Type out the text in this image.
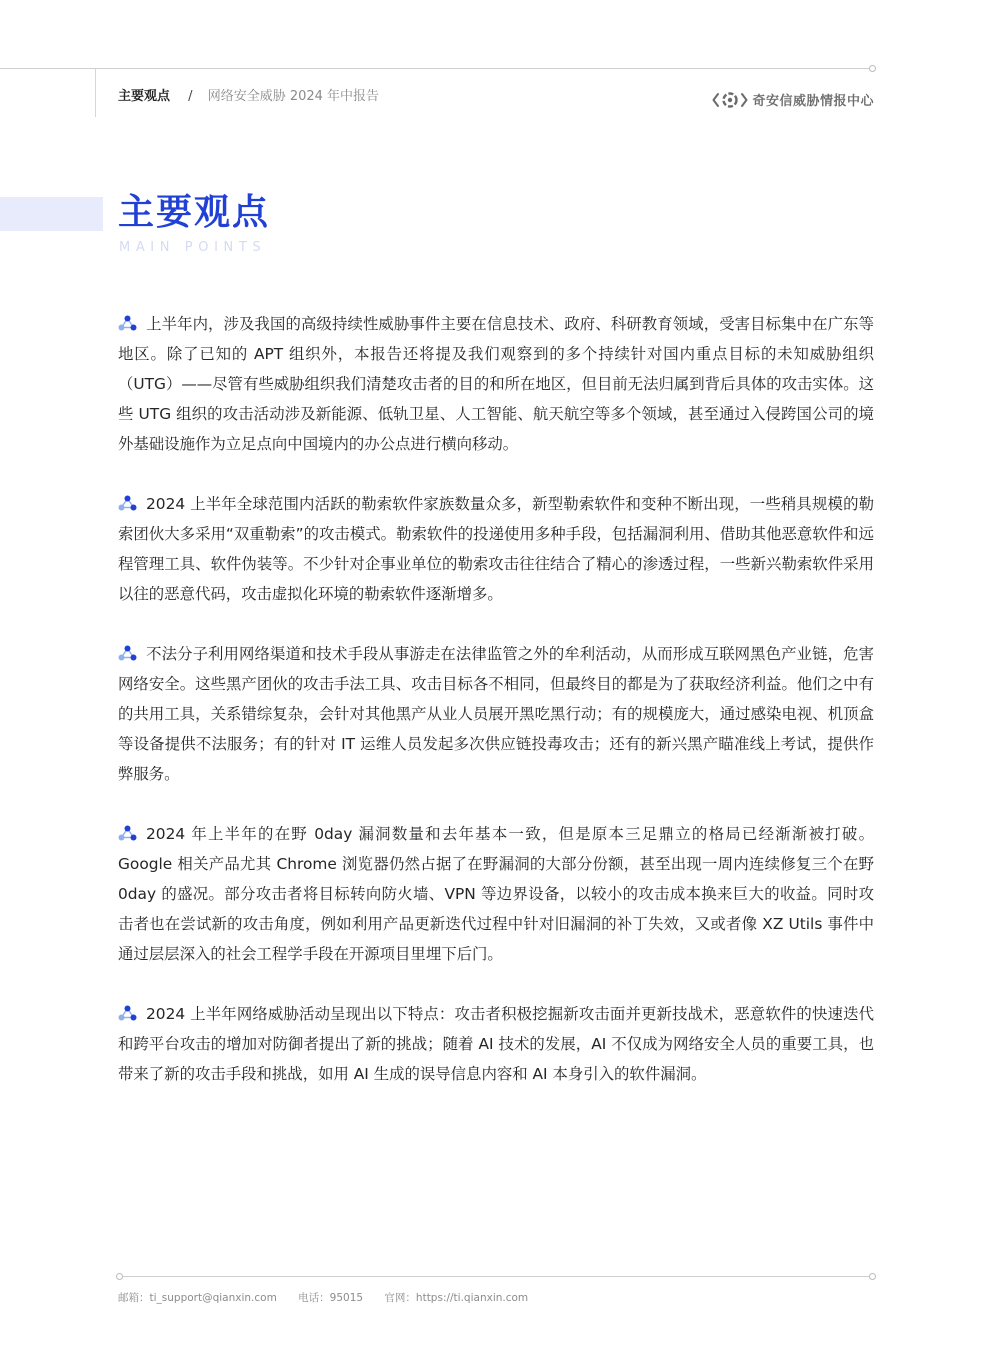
主要观点 / 网络安全威胁 2024 年中报告	奇安信威胁情报中心
主要观点
MAIN POINTS

上半年内，涉及我国的高级持续性威胁事件主要在信息技术、政府、科研教育领域，受害目标集中在广东等地区。除了已知的 APT 组织外，本报告还将提及我们观察到的多个持续针对国内重点目标的未知威胁组织（UTG）——尽管有些威胁组织我们清楚攻击者的目的和所在地区，但目前无法归属到背后具体的攻击实体。这些 UTG 组织的攻击活动涉及新能源、低轨卫星、人工智能、航天航空等多个领域，甚至通过入侵跨国公司的境外基础设施作为立足点向中国境内的办公点进行横向移动。

2024 上半年全球范围内活跃的勒索软件家族数量众多，新型勒索软件和变种不断出现，一些稍具规模的勒索团伙大多采用“双重勒索”的攻击模式。勒索软件的投递使用多种手段，包括漏洞利用、借助其他恶意软件和远程管理工具、软件伪装等。不少针对企事业单位的勒索攻击往往结合了精心的渗透过程，一些新兴勒索软件采用以往的恶意代码，攻击虚拟化环境的勒索软件逐渐增多。

不法分子利用网络渠道和技术手段从事游走在法律监管之外的牟利活动，从而形成互联网黑色产业链，危害网络安全。这些黑产团伙的攻击手法工具、攻击目标各不相同，但最终目的都是为了获取经济利益。他们之中有的共用工具，关系错综复杂，会针对其他黑产从业人员展开黑吃黑行动；有的规模庞大，通过感染电视、机顶盒等设备提供不法服务；有的针对 IT 运维人员发起多次供应链投毒攻击；还有的新兴黑产瞄准线上考试，提供作弊服务。

2024 年上半年的在野 0day 漏洞数量和去年基本一致，但是原本三足鼎立的格局已经渐渐被打破。Google 相关产品尤其 Chrome 浏览器仍然占据了在野漏洞的大部分份额，甚至出现一周内连续修复三个在野 0day 的盛况。部分攻击者将目标转向防火墙、VPN 等边界设备，以较小的攻击成本换来巨大的收益。同时攻击者也在尝试新的攻击角度，例如利用产品更新迭代过程中针对旧漏洞的补丁失效，又或者像 XZ Utils 事件中通过层层深入的社会工程学手段在开源项目里埋下后门。

2024 上半年网络威胁活动呈现出以下特点：攻击者积极挖掘新攻击面并更新技战术，恶意软件的快速迭代和跨平台攻击的增加对防御者提出了新的挑战；随着 AI 技术的发展，AI 不仅成为网络安全人员的重要工具，也带来了新的攻击手段和挑战，如用 AI 生成的误导信息内容和 AI 本身引入的软件漏洞。

邮箱：ti_support@qianxin.com 电话：95015 官网：https://ti.qianxin.com
